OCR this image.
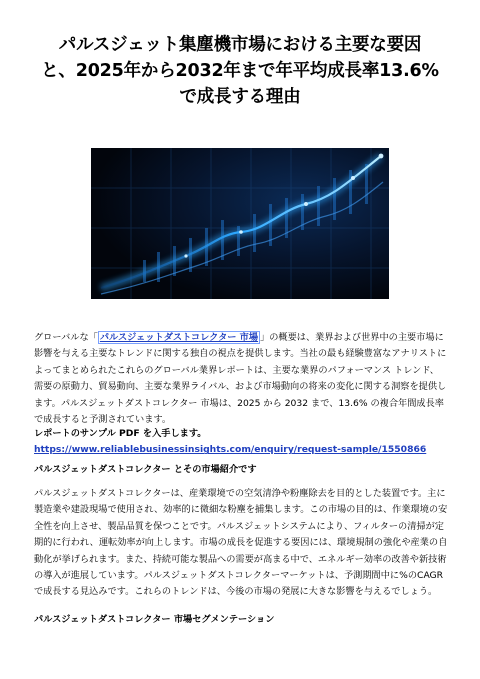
パルスジェット集塵機市場における主要な要因
と、2025年から2032年まで年平均成長率13.6%
で成長する理由
グローバルな「 パルスジェットダストコレクター 市場 」の概要は、業界および世界中の主要市場に影響を与える主要なトレンドに関する独自の視点を提供します。当社の最も経験豊富なアナリストによってまとめられたこれらのグローバル業界レポートは、主要な業界のパフォーマンス トレンド、需要の原動力、貿易動向、主要な業界ライバル、および市場動向の将来の変化に関する洞察を提供します。パルスジェットダストコレクター 市場は、2025 から 2032 まで、13.6% の複合年間成長率で成長すると予測されています。
レポートのサンプル PDF を入手します。
https://www.reliablebusinessinsights.com/enquiry/request-sample/1550866
パルスジェットダストコレクター とその市場紹介です
パルスジェットダストコレクターは、産業環境での空気清浄や粉塵除去を目的とした装置です。主に製造業や建設現場で使用され、効率的に微細な粉塵を捕集します。この市場の目的は、作業環境の安全性を向上させ、製品品質を保つことです。パルスジェットシステムにより、フィルターの清掃が定期的に行われ、運転効率が向上します。市場の成長を促進する要因には、環境規制の強化や産業の自動化が挙げられます。また、持続可能な製品への需要が高まる中で、エネルギー効率の改善や新技術の導入が進展しています。パルスジェットダストコレクターマーケットは、予測期間中に%のCAGRで成長する見込みです。これらのトレンドは、今後の市場の発展に大きな影響を与えるでしょう。
パルスジェットダストコレクター 市場セグメンテーション
